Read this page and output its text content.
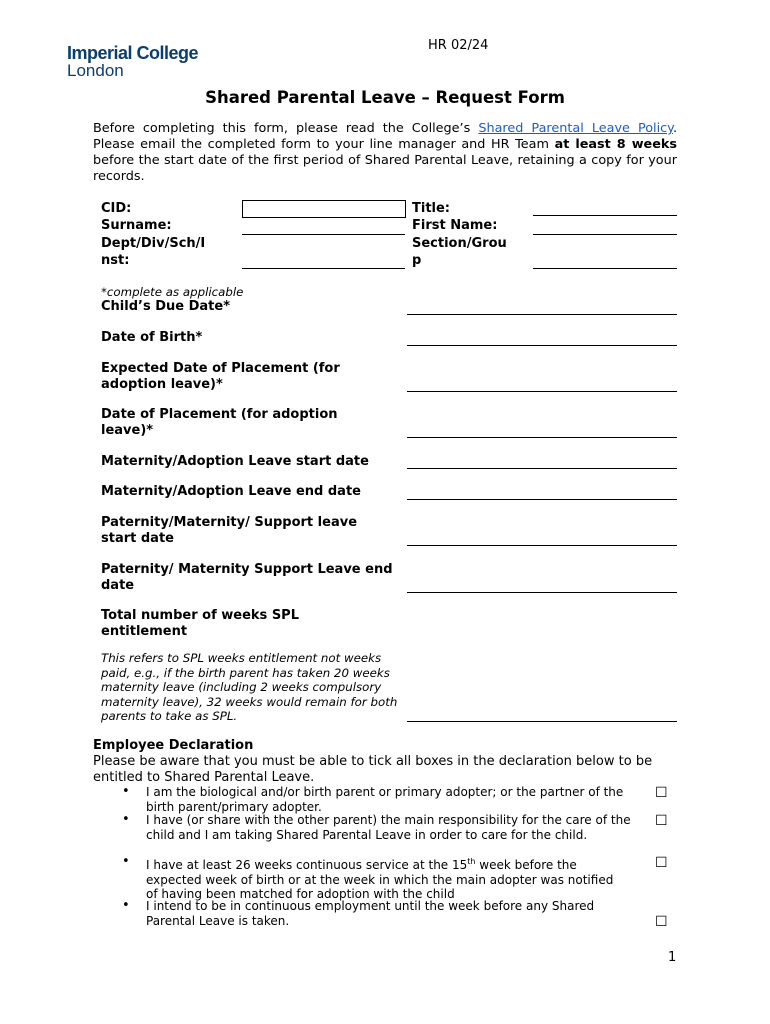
Imperial College
London
HR 02/24
Shared Parental Leave – Request Form
Before completing this form, please read the College’s Shared Parental Leave Policy. Please email the completed form to your line manager and HR Team at least 8 weeks before the start date of the first period of Shared Parental Leave, retaining a copy for your records.
CID:
Surname:
Dept/Div/Sch/I
nst:
Title:
First Name:
Section/Grou
p
*complete as applicable
Child’s Due Date*
Date of Birth*
Expected Date of Placement (for adoption leave)*
Date of Placement (for adoption leave)*
Maternity/Adoption Leave start date
Maternity/Adoption Leave end date
Paternity/Maternity/ Support leave start date
Paternity/ Maternity Support Leave end date
Total number of weeks SPL entitlement
This refers to SPL weeks entitlement not weeks paid, e.g., if the birth parent has taken 20 weeks maternity leave (including 2 weeks compulsory maternity leave), 32 weeks would remain for both parents to take as SPL.
Employee Declaration
Please be aware that you must be able to tick all boxes in the declaration below to be entitled to Shared Parental Leave.
• I am the biological and/or birth parent or primary adopter; or the partner of the birth parent/primary adopter.
☐
• I have (or share with the other parent) the main responsibility for the care of the child and I am taking Shared Parental Leave in order to care for the child.
☐
• I have at least 26 weeks continuous service at the 15th week before the expected week of birth or at the week in which the main adopter was notified of having been matched for adoption with the child
☐
• I intend to be in continuous employment until the week before any Shared Parental Leave is taken.	☐
1
